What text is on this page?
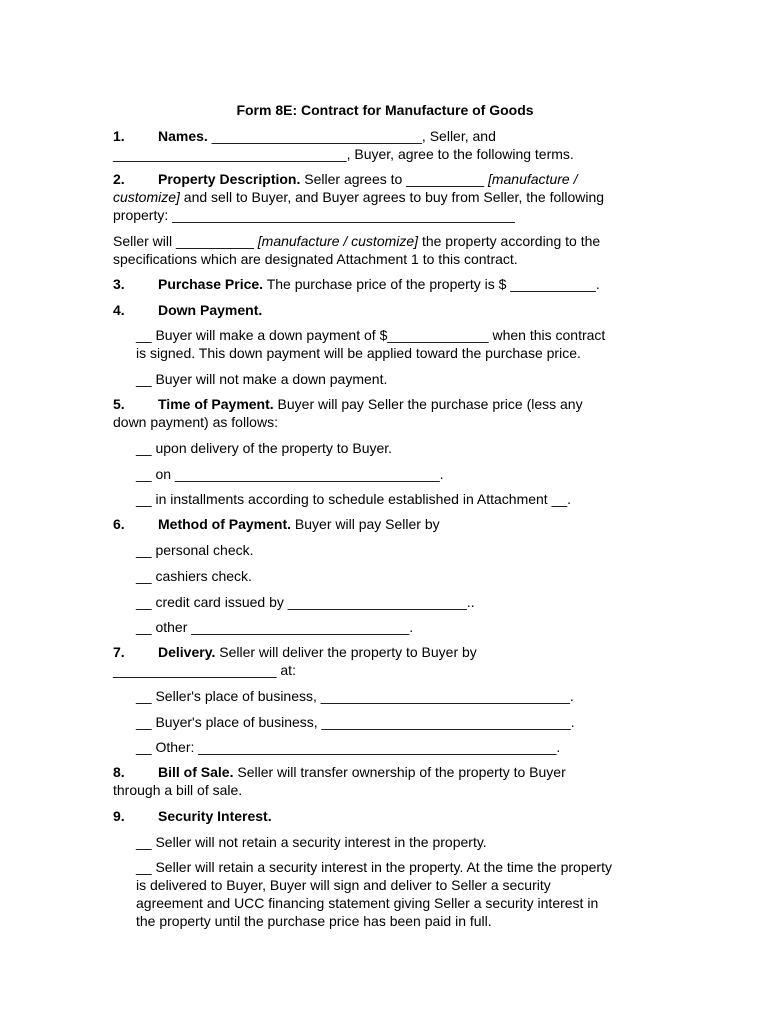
Form 8E: Contract for Manufacture of Goods
1. Names. ___________________________, Seller, and
______________________________, Buyer, agree to the following terms.
2. Property Description. Seller agrees to __________ [manufacture /
customize] and sell to Buyer, and Buyer agrees to buy from Seller, the following
property: ____________________________________________
Seller will __________ [manufacture / customize] the property according to the
specifications which are designated Attachment 1 to this contract.
3. Purchase Price. The purchase price of the property is $ ___________.
4. Down Payment.
__ Buyer will make a down payment of $_____________ when this contract
is signed. This down payment will be applied toward the purchase price.
__ Buyer will not make a down payment.
5. Time of Payment. Buyer will pay Seller the purchase price (less any
down payment) as follows:
__ upon delivery of the property to Buyer.
__ on __________________________________.
__ in installments according to schedule established in Attachment __.
6. Method of Payment. Buyer will pay Seller by
__ personal check.
__ cashiers check.
__ credit card issued by _______________________..
__ other ____________________________.
7. Delivery. Seller will deliver the property to Buyer by
_____________________ at:
__ Seller's place of business, ________________________________.
__ Buyer's place of business, ________________________________.
__ Other: ______________________________________________.
8. Bill of Sale. Seller will transfer ownership of the property to Buyer
through a bill of sale.
9. Security Interest.
__ Seller will not retain a security interest in the property.
__ Seller will retain a security interest in the property. At the time the property
is delivered to Buyer, Buyer will sign and deliver to Seller a security
agreement and UCC financing statement giving Seller a security interest in
the property until the purchase price has been paid in full.
